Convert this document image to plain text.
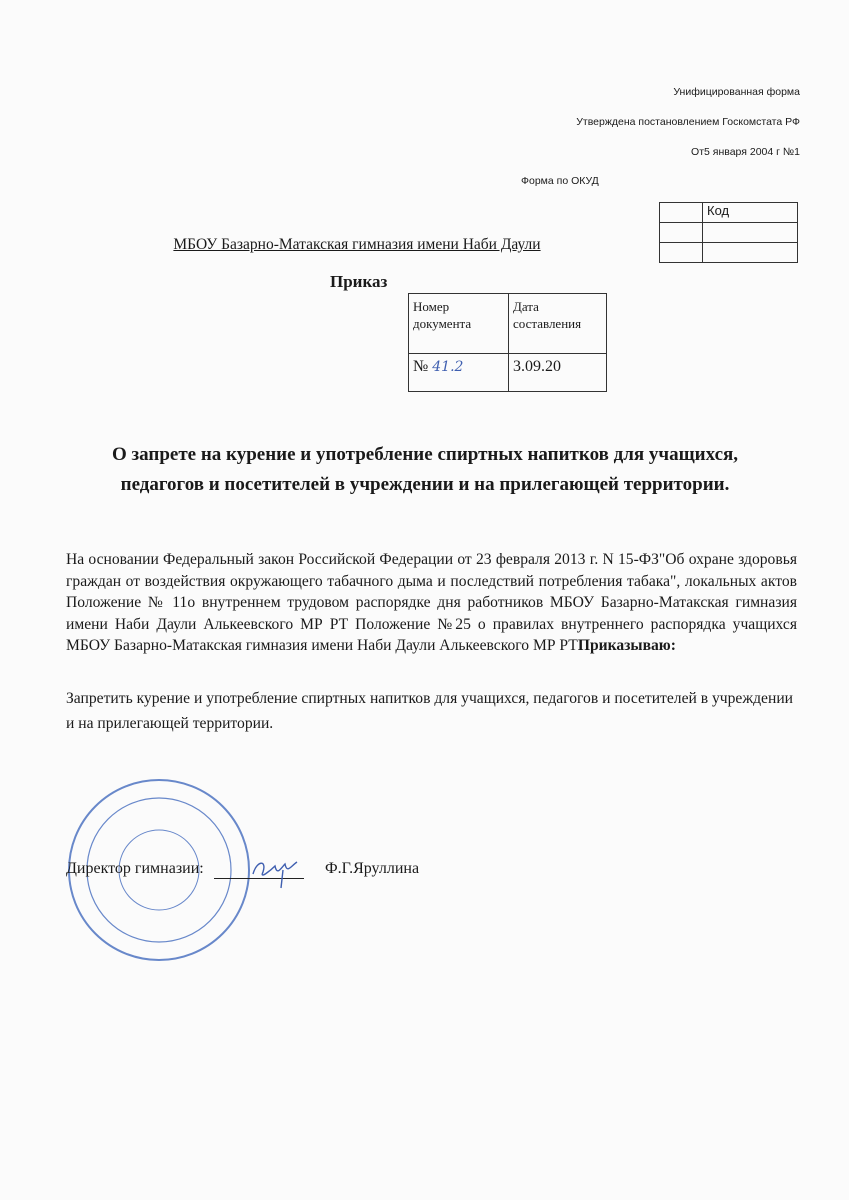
Унифицированная форма
Утверждена постановлением Госкомстата РФ
От5 января 2004 г №1
Форма по ОКУД
	Код

МБОУ Базарно-Матакская гимназия имени Наби Даули
Приказ
Номер документа	Дата составления
№ 41.2	3.09.20
О запрете на курение и употребление спиртных напитков для учащихся,
педагогов и посетителей в учреждении и на прилегающей территории.
На основании Федеральный закон Российской Федерации от 23 февраля 2013 г. N 15-ФЗ"Об охране здоровья граждан от воздействия окружающего табачного дыма и последствий потребления табака", локальных актов Положение № 11о внутреннем трудовом распорядке дня работников МБОУ Базарно-Матакская гимназия имени Наби Даули Алькеевского МР РТ Положение №25 о правилах внутреннего распорядка учащихся МБОУ Базарно-Матакская гимназия имени Наби Даули Алькеевского МР РТПриказываю:
Запретить курение и употребление спиртных напитков для учащихся, педагогов и посетителей в учреждении и на прилегающей территории.
Директор гимназии:	Ф.Г.Яруллина
